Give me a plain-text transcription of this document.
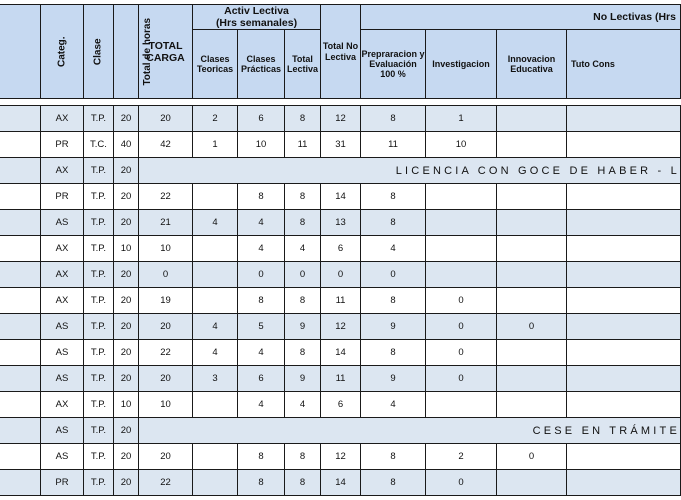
	Categ.	Clase	Total de horas	TOTAL CARGA	Activ Lectiva
(Hrs semanales)			Total No Lectiva	No Lectivas (Hrs			
					Clases Teoricas	Clases Prácticas	Total Lectiva		Prepraracion y Evaluación 100 %	Investigacion	Innovacion Educativa	Tuto Cons

	AX	T.P.	20	20	2	6	8	12	8	1		
	PR	T.C.	40	42	1	10	11	31	11	10		
	AX	T.P.	20	LICENCIA CON GOCE DE HABER - L								

	PR	T.P.	20	22		8	8	14	8			
	AS	T.P.	20	21	4	4	8	13	8			
	AX	T.P.	10	10		4	4	6	4			
	AX	T.P.	20	0		0	0	0	0			
	AX	T.P.	20	19		8	8	11	8	0		
	AS	T.P.	20	20	4	5	9	12	9	0	0	
	AS	T.P.	20	22	4	4	8	14	8	0		
	AS	T.P.	20	20	3	6	9	11	9	0		
	AX	T.P.	10	10		4	4	6	4			
	AS	T.P.	20	CESE EN TRÁMITE								

	AS	T.P.	20	20		8	8	12	8	2	0	
	PR	T.P.	20	22		8	8	14	8	0		
